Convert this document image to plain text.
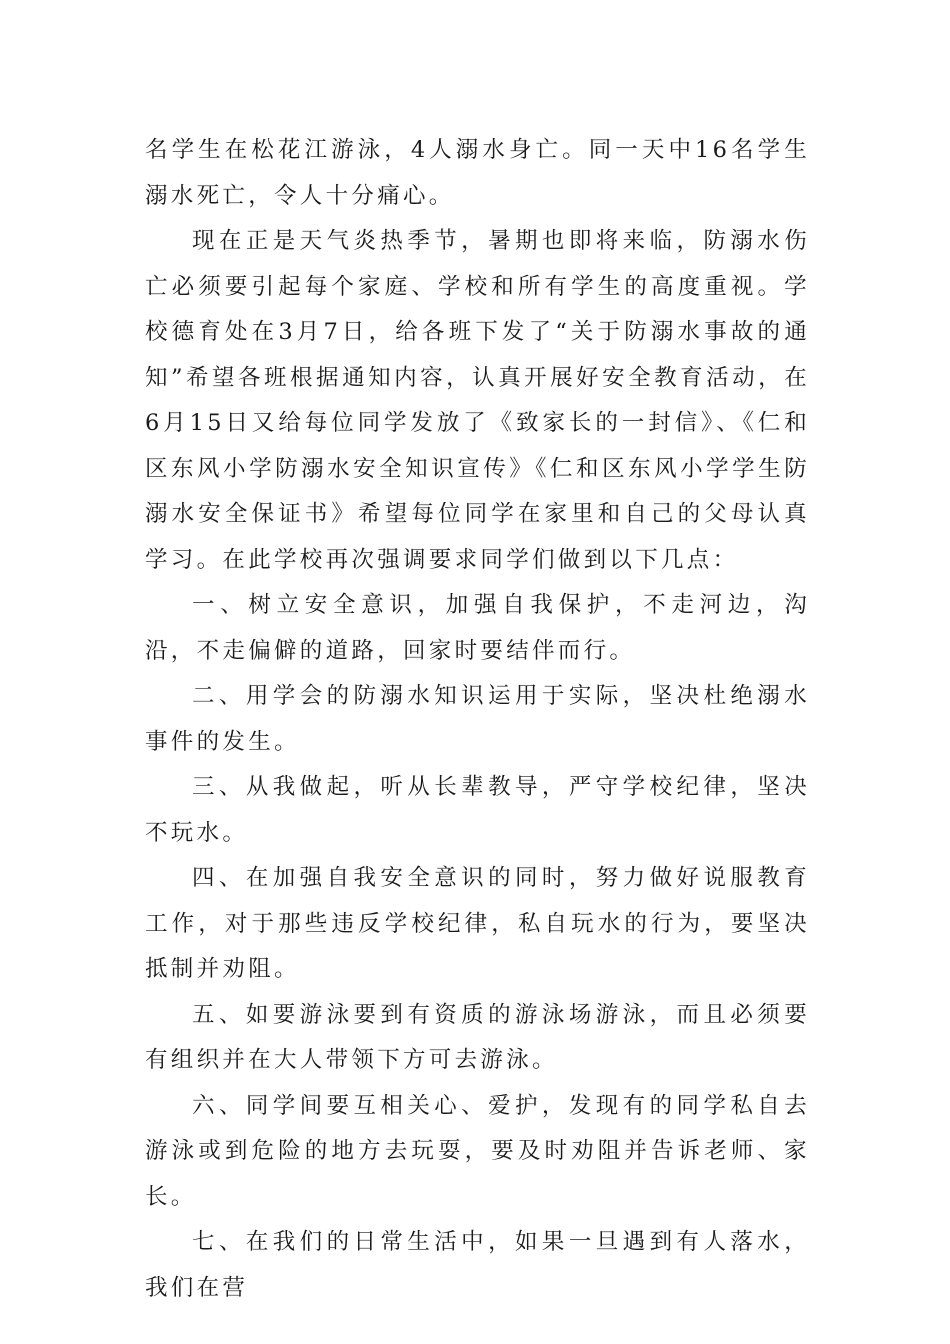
名学生在松花江游泳，4人溺水身亡。同一天中16名学生溺水死亡，令人十分痛心。

现在正是天气炎热季节，暑期也即将来临，防溺水伤亡必须要引起每个家庭、学校和所有学生的高度重视。学校德育处在3月7日，给各班下发了“关于防溺水事故的通知”希望各班根据通知内容，认真开展好安全教育活动，在6月15日又给每位同学发放了《致家长的一封信》、《仁和区东风小学防溺水安全知识宣传》《仁和区东风小学学生防溺水安全保证书》希望每位同学在家里和自己的父母认真学习。在此学校再次强调要求同学们做到以下几点：

一、树立安全意识，加强自我保护，不走河边，沟沿，不走偏僻的道路，回家时要结伴而行。

二、用学会的防溺水知识运用于实际，坚决杜绝溺水事件的发生。

三、从我做起，听从长辈教导，严守学校纪律，坚决不玩水。

四、在加强自我安全意识的同时，努力做好说服教育工作，对于那些违反学校纪律，私自玩水的行为，要坚决抵制并劝阻。

五、如要游泳要到有资质的游泳场游泳，而且必须要有组织并在大人带领下方可去游泳。

六、同学间要互相关心、爱护，发现有的同学私自去游泳或到危险的地方去玩耍，要及时劝阻并告诉老师、家长。

七、在我们的日常生活中，如果一旦遇到有人落水，我们在营
